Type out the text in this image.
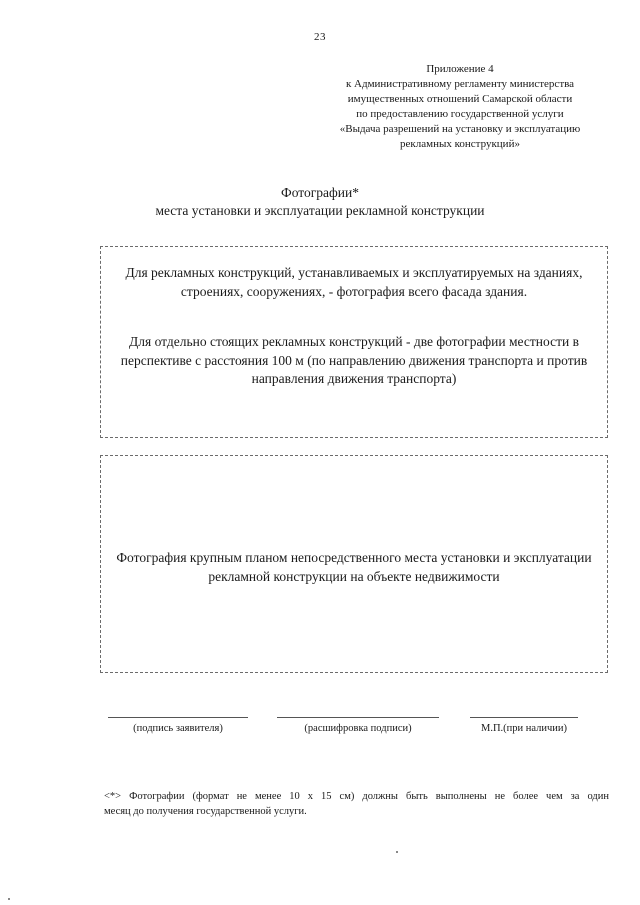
23
Приложение 4
к Административному регламенту министерства
имущественных отношений Самарской области
по предоставлению государственной услуги
«Выдача разрешений на установку и эксплуатацию
рекламных конструкций»
Фотографии*
места установки и эксплуатации рекламной конструкции

Для рекламных конструкций, устанавливаемых и эксплуатируемых на зданиях, строениях, сооружениях, - фотография всего фасада здания.

Для отдельно стоящих рекламных конструкций - две фотографии местности в перспективе с расстояния 100 м (по направлению движения транспорта и против направления движения транспорта)

Фотография крупным планом непосредственного места установки и эксплуатации рекламной конструкции на объекте недвижимости

(подпись заявителя)	(расшифровка подписи)	М.П.(при наличии)
<*> Фотографии (формат не менее 10 x 15 см) должны быть выполнены не более чем за один
месяц до получения государственной услуги.
